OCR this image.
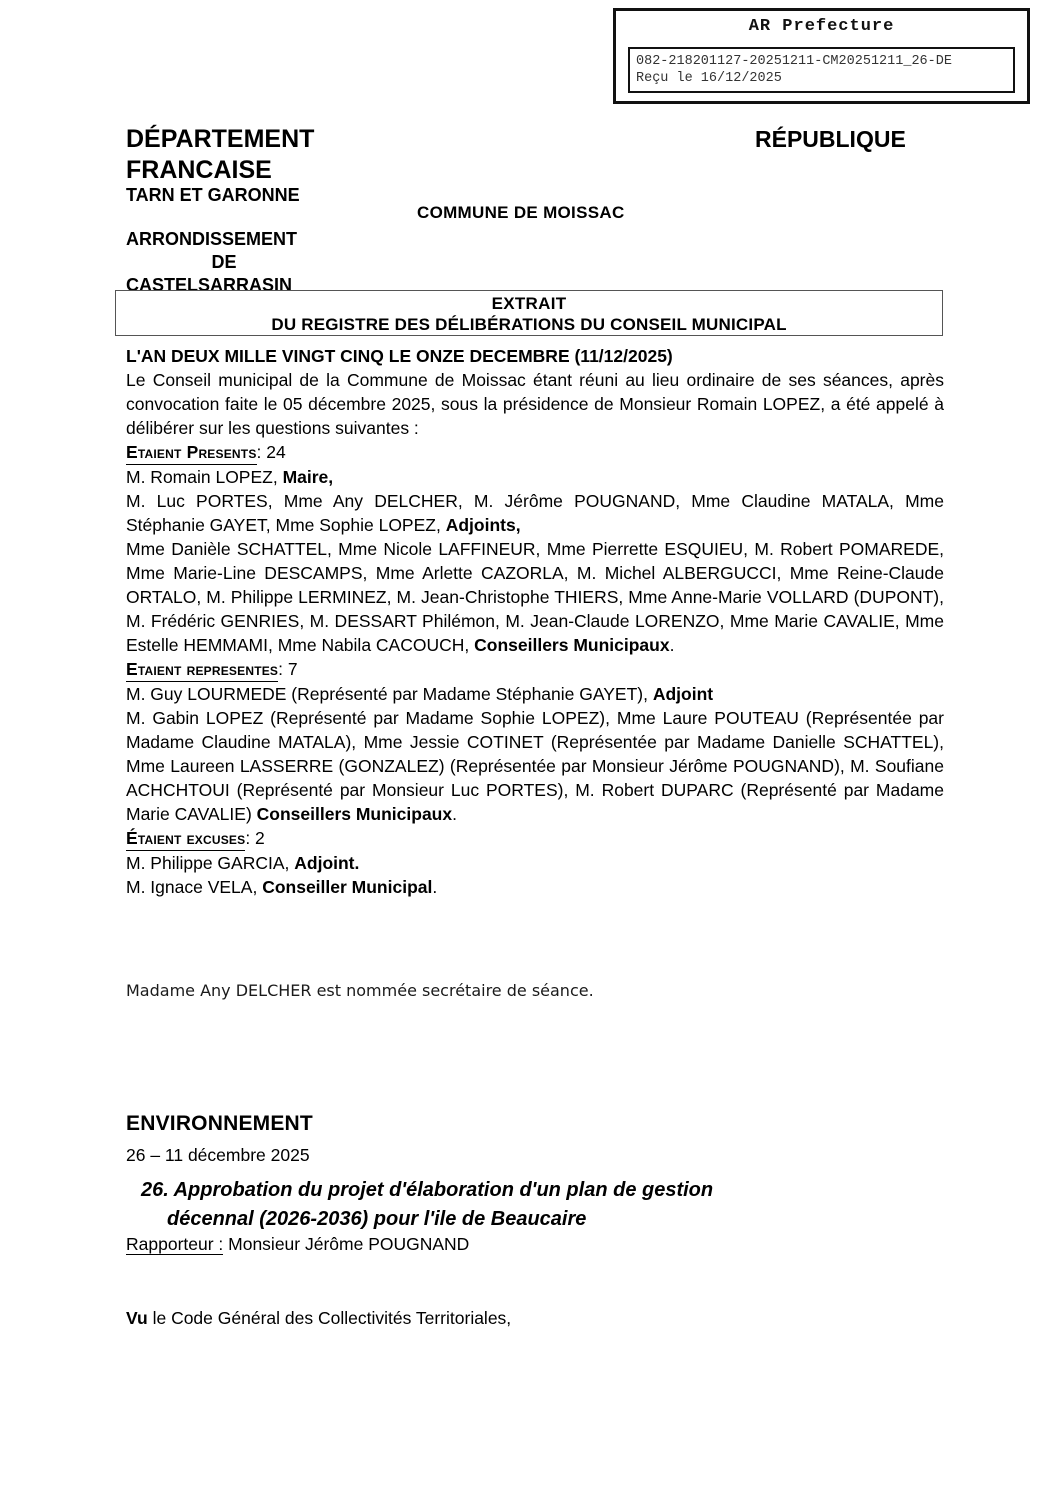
AR Prefecture
082-218201127-20251211-CM20251211_26-DE
Reçu le 16/12/2025
DÉPARTEMENT
FRANCAISE
RÉPUBLIQUE
TARN ET GARONNE
COMMUNE DE MOISSAC
ARRONDISSEMENT
DE
CASTELSARRASIN
EXTRAIT
DU REGISTRE DES DÉLIBÉRATIONS DU CONSEIL MUNICIPAL

L'AN DEUX MILLE VINGT CINQ LE ONZE DECEMBRE (11/12/2025)

Le Conseil municipal de la Commune de Moissac étant réuni au lieu ordinaire de ses séances, après convocation faite le 05 décembre 2025, sous la présidence de Monsieur Romain LOPEZ, a été appelé à délibérer sur les questions suivantes :

Etaient Presents: 24

M. Romain LOPEZ, Maire,

M. Luc PORTES, Mme Any DELCHER, M. Jérôme POUGNAND, Mme Claudine MATALA, Mme Stéphanie GAYET, Mme Sophie LOPEZ, Adjoints,

Mme Danièle SCHATTEL, Mme Nicole LAFFINEUR, Mme Pierrette ESQUIEU, M. Robert POMAREDE, Mme Marie-Line DESCAMPS, Mme Arlette CAZORLA, M. Michel ALBERGUCCI, Mme Reine-Claude ORTALO, M. Philippe LERMINEZ, M. Jean-Christophe THIERS, Mme Anne-Marie VOLLARD (DUPONT), M. Frédéric GENRIES, M. DESSART Philémon, M. Jean-Claude LORENZO, Mme Marie CAVALIE, Mme Estelle HEMMAMI, Mme Nabila CACOUCH, Conseillers Municipaux.

Etaient representes: 7

M. Guy LOURMEDE (Représenté par Madame Stéphanie GAYET), Adjoint

M. Gabin LOPEZ (Représenté par Madame Sophie LOPEZ), Mme Laure POUTEAU (Représentée par Madame Claudine MATALA), Mme Jessie COTINET (Représentée par Madame Danielle SCHATTEL), Mme Laureen LASSERRE (GONZALEZ) (Représentée par Monsieur Jérôme POUGNAND), M. Soufiane ACHCHTOUI (Représenté par Monsieur Luc PORTES), M. Robert DUPARC (Représenté par Madame Marie CAVALIE) Conseillers Municipaux.

Étaient excuses: 2

M. Philippe GARCIA, Adjoint.

M. Ignace VELA, Conseiller Municipal.

Madame Any DELCHER est nommée secrétaire de séance.
ENVIRONNEMENT
26 – 11 décembre 2025
26. Approbation du projet d'élaboration d'un plan de gestion
décennal (2026-2036) pour l'ile de Beaucaire
Rapporteur : Monsieur Jérôme POUGNAND
Vu le Code Général des Collectivités Territoriales,
